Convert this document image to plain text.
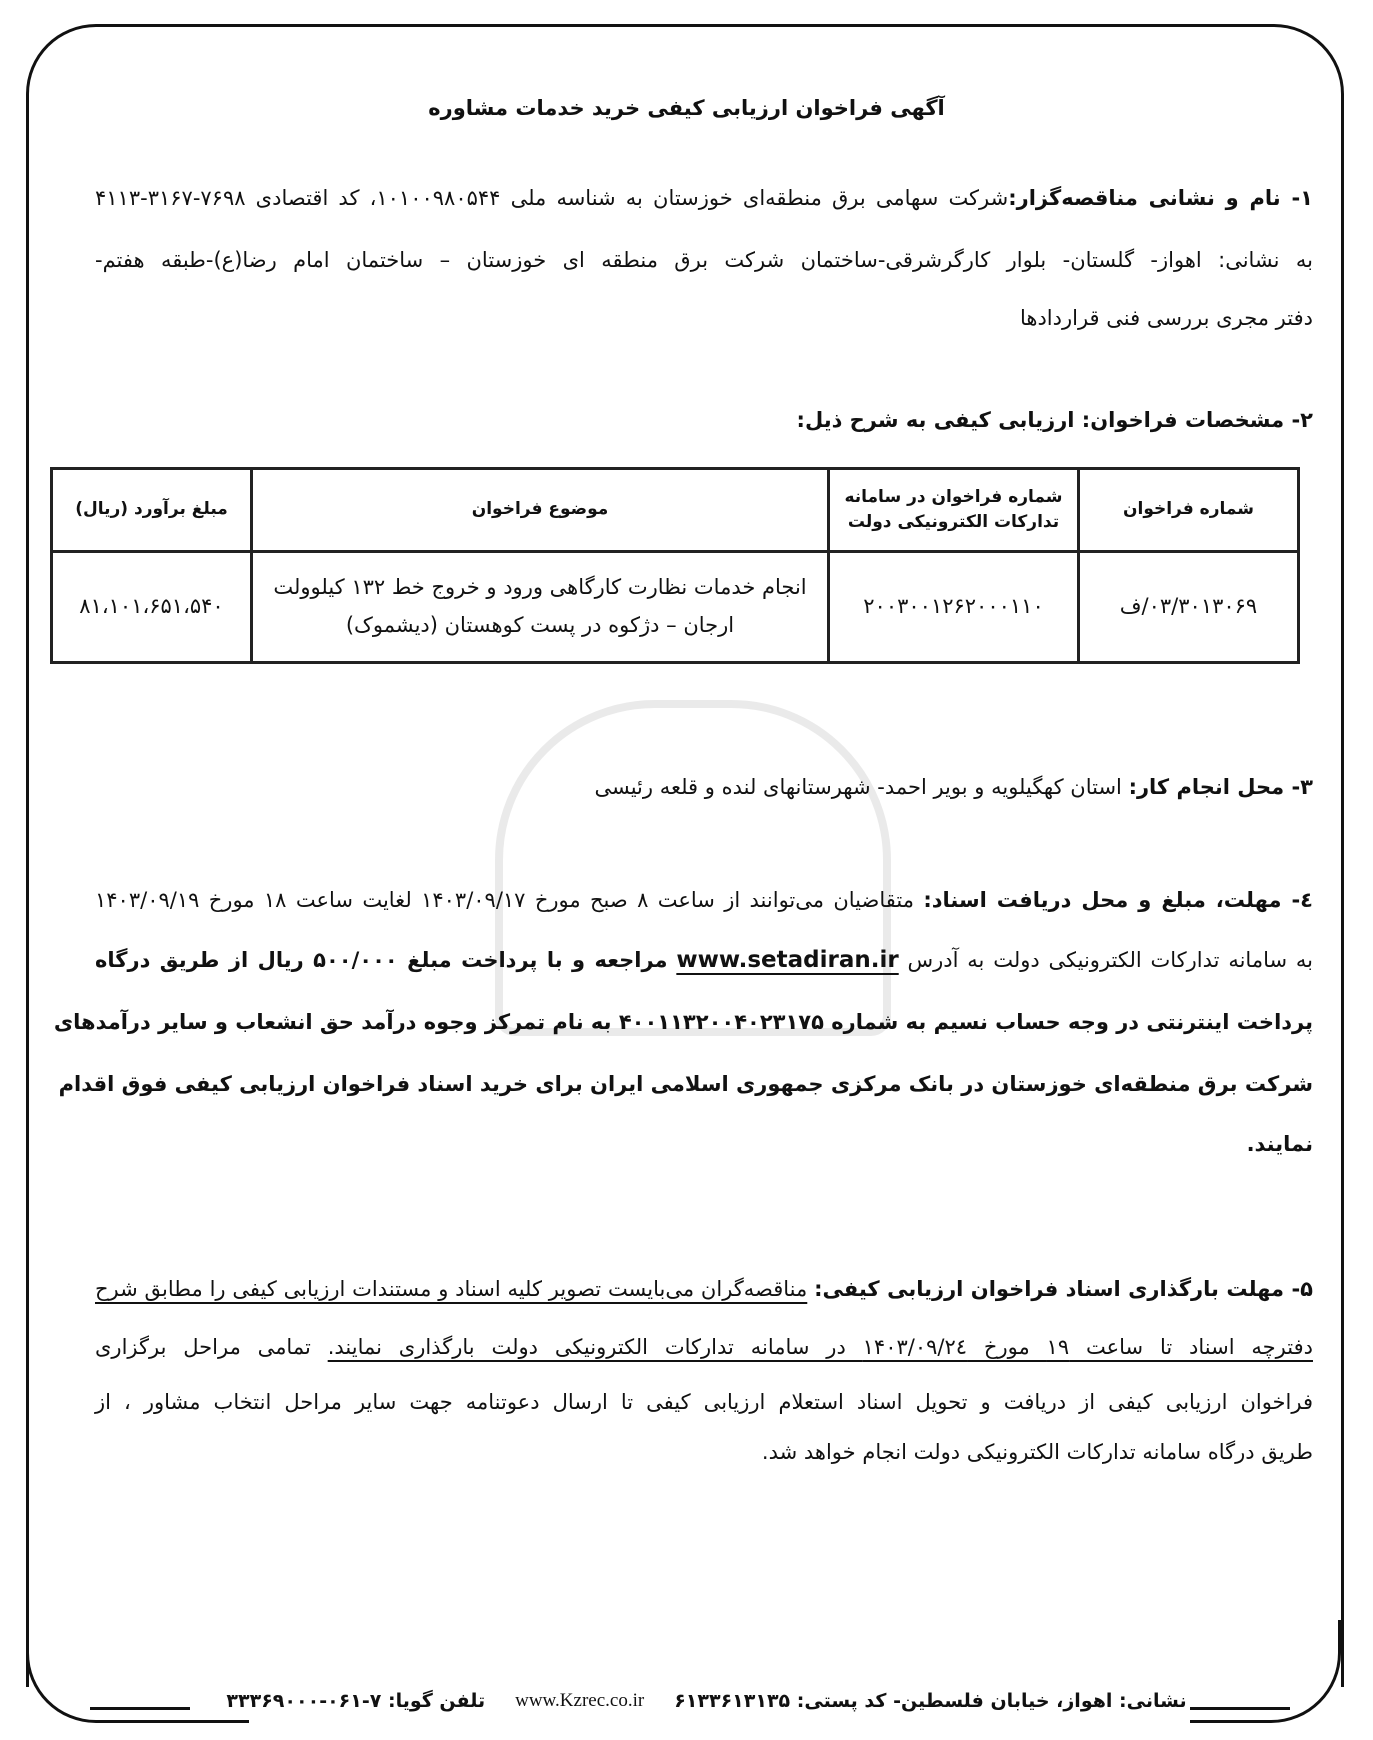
آگهی فراخوان ارزیابی کیفی خرید خدمات مشاوره
۱- نام و نشانی مناقصه‌گزار:شرکت سهامی برق منطقه‌ای خوزستان به شناسه ملی ۱۰۱۰۰۹۸۰۵۴۴، کد اقتصادی ۷۶۹۸-۳۱۶۷-۴۱۱۳
به نشانی: اهواز- گلستان- بلوار کارگرشرقی-ساختمان شرکت برق منطقه ای خوزستان – ساختمان امام رضا(ع)-طبقه هفتم-
دفتر مجری بررسی فنی قراردادها
۲- مشخصات فراخوان: ارزیابی کیفی به شرح ذیل:
شماره فراخوان	شماره فراخوان در سامانه تدارکات الکترونیکی دولت	موضوع فراخوان	مبلغ برآورد (ریال)
۰۳/۳۰۱۳۰۶۹/ف	۲۰۰۳۰۰۱۲۶۲۰۰۰۱۱۰	انجام خدمات نظارت کارگاهی ورود و خروج خط ۱۳۲ کیلوولت ارجان – دژکوه در پست کوهستان (دیشموک)	۸۱،۱۰۱،۶۵۱،۵۴۰
۳- محل انجام کار: استان کهگیلویه و بویر احمد- شهرستانهای لنده و قلعه رئیسی
٤- مهلت، مبلغ و محل دریافت اسناد: متقاضیان می‌توانند از ساعت ۸ صبح مورخ ۱۴۰۳/۰۹/۱۷ لغایت ساعت ۱۸ مورخ ۱۴۰۳/۰۹/۱۹
به سامانه تدارکات الکترونیکی دولت به آدرس www.setadiran.ir مراجعه و با پرداخت مبلغ ۵۰۰/۰۰۰ ریال از طریق درگاه
پرداخت اینترنتی در وجه حساب نسیم به شماره ۴۰۰۱۱۳۲۰۰۴۰۲۳۱۷۵ به نام تمرکز وجوه درآمد حق انشعاب و سایر درآمدهای
شرکت برق منطقه‌ای خوزستان در بانک مرکزی جمهوری اسلامی ایران برای خرید اسناد فراخوان ارزیابی کیفی فوق اقدام
نمایند.
۵- مهلت بارگذاری اسناد فراخوان ارزیابی کیفی: مناقصه‌گران می‌بایست تصویر کلیه اسناد و مستندات ارزیابی کیفی را مطابق شرح
دفترچه اسناد تا ساعت ۱۹ مورخ ۱۴۰۳/۰۹/۲٤ در سامانه تدارکات الکترونیکی دولت بارگذاری نمایند. تمامی مراحل برگزاری
فراخوان ارزیابی کیفی از دریافت و تحویل اسناد استعلام ارزیابی کیفی تا ارسال دعوتنامه جهت سایر مراحل انتخاب مشاور ، از
طریق درگاه سامانه تدارکات الکترونیکی دولت انجام خواهد شد.
نشانی: اهواز، خیابان فلسطین- کد پستی: ۶۱۳۳۶۱۳۱۳۵
www.Kzrec.co.ir
تلفن گویا: ۷-۰۶۱-۳۳۳۶۹۰۰۰
